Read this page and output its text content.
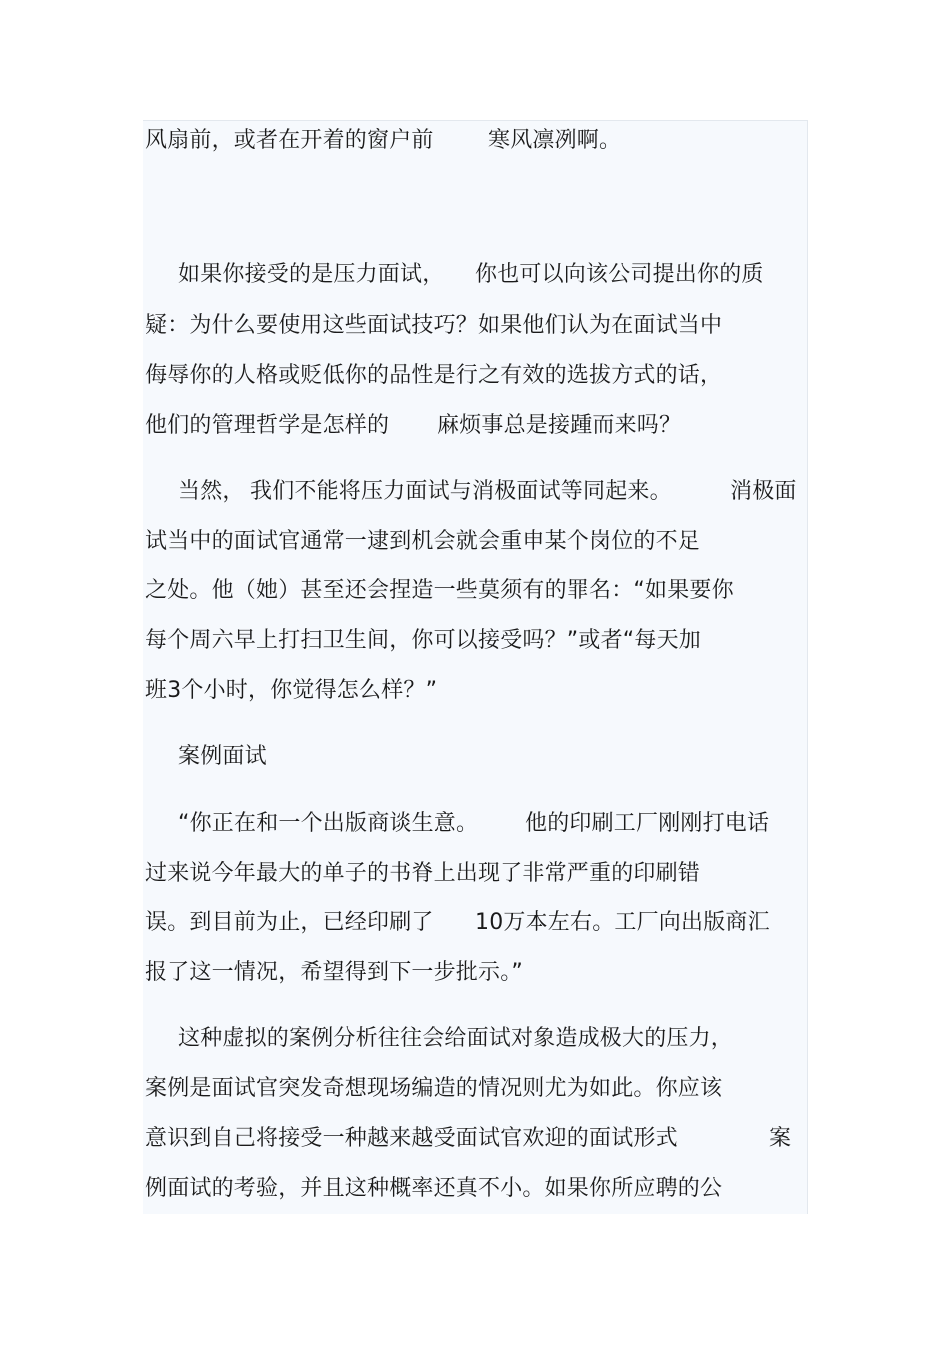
风扇前，或者在开着的窗户前

寒风凛冽啊。

如果你接受的是压力面试，

你也可以向该公司提出你的质

疑：为什么要使用这些面试技巧？如果他们认为在面试当中

侮辱你的人格或贬低你的品性是行之有效的选拔方式的话，

他们的管理哲学是怎样的

麻烦事总是接踵而来吗？

当然，

我们不能将压力面试与消极面试等同起来。

	消极面

试当中的面试官通常一逮到机会就会重申某个岗位的不足

之处。他（她）甚至还会捏造一些莫须有的罪名：“如果要你

每个周六早上打扫卫生间，你可以接受吗？”或者“每天加

班3个小时，你觉得怎么样？”

案例面试

“你正在和一个出版商谈生意。

他的印刷工厂刚刚打电话

过来说今年最大的单子的书脊上出现了非常严重的印刷错

误。到目前为止，已经印刷了

10万本左右。工厂向出版商汇

报了这一情况，希望得到下一步批示。”

这种虚拟的案例分析往往会给面试对象造成极大的压力，

案例是面试官突发奇想现场编造的情况则尤为如此。你应该

意识到自己将接受一种越来越受面试官欢迎的面试形式

	案

例面试的考验，并且这种概率还真不小。如果你所应聘的公
